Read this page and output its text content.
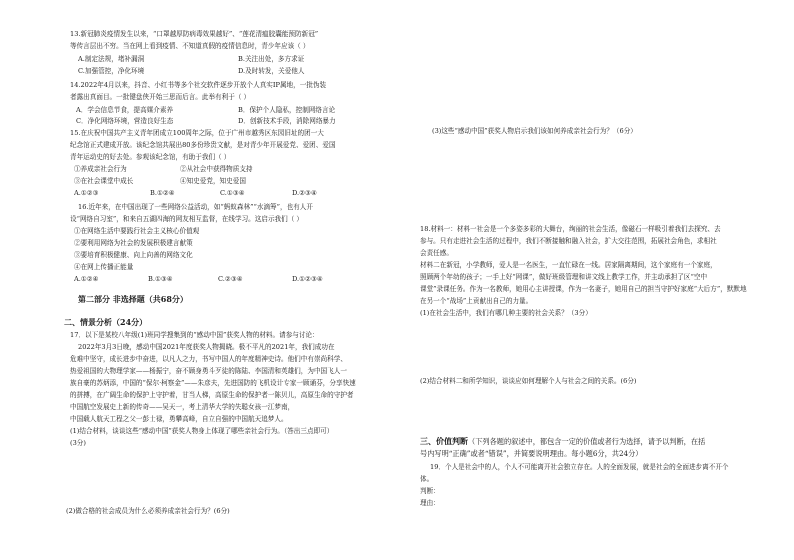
13.新冠肺炎疫情发生以来，“口罩越厚防病毒效果越好”、“莲花清瘟胶囊能预防新冠”
等传言层出不穷。当在网上看到疫情、不知道真假的疫情信息时，青少年应该（ ）
A.制定法规，堵补漏洞	B.关注出处，多方求证
C.加强管控，净化环境	D.及时转发，关爱他人
14.2022年4月以来，抖音、小红书等多个社交软件逐步开放个人真实IP属地，一批伪装
者露出真面目。一批键盘侠开始三思而后言。此举有利于（ ）
A．学会信息节食，提高媒介素养	B．保护个人隐私，控制网络言论
C．净化网络环境，营造良好生态	D．创新技术手段，消除网络暴力
15.在庆祝中国共产主义青年团成立100周年之际，位于广州市越秀区东园旧址的团一大
纪念馆正式建成开放。该纪念馆共展出80多份珍贵文献，是对青少年开展爱党、爱团、爱国
青年运动史的好去处。参观该纪念馆，有助于我们（ ）
①养成亲社会行为	②从社会中获得物质支持
③在社会课堂中成长	④知史爱党，知史爱国
A.①②③	B.①②④	C.①③④	D.②③④
16.近年来，在中国出现了一些网络公益活动，如“蚂蚁森林”“水滴筹”，也有人开
设“网络自习室”，和来自五湖四海的网友相互监督，在线学习。这启示我们（ ）
①在网络生活中要践行社会主义核心价值观
②要利用网络为社会的发展积极建言献策
③要培育积极健康、向上向善的网络文化
④在网上传播正能量
A.①②④	B.①③④	C.②③④	D.①②③④
第二部分 非选择题（共68分）
二、情景分析（24分）
17．以下是某校八年级(1)班同学搜集到的“感动中国”获奖人物的材料。请参与讨论：
2022年3月3日晚，感动中国2021年度获奖人物揭晓。极不平凡的2021年，我们成功在
危难中坚守，成长进步中奋进，以凡人之力，书写中国人的年度精神史诗。他们中有崇尚科学、
热爱祖国的大物理学家——杨振宁，奋不顾身勇斗歹徒的陈陆、李国清和英雄们，为中国飞人一
族自豪的苏炳添，中国的“保尔·柯察金”——朱彦夫，先进国防的飞机设计专家一顾诵芬，分享快速
的拼搏，在广阔生命的保护上守护着，甘当人梯，高原生命的保护者一陈贝儿，高原生命的守护者
中国航空发展史上新的传奇——吴天一，考上清华大学的失聪女孩一江梦南，
中国载人航天工程之父一彭士禄，勇攀高峰，自立自强的中国航天追梦人。
(1)结合材料，谈谈这些“感动中国”获奖人物身上体现了哪些亲社会行为。（答出三点即可）
(3分)
(2)做合格的社会成员为什么必须养成亲社会行为？(6分)
(3)这些“感动中国”获奖人物启示我们该如何养成亲社会行为？（6分）
18.材料一：材料一社会是一个多姿多彩的大舞台，绚丽的社会生活，像磁石一样吸引着我们去探究、去
参与。只有走进社会生活的过程中，我们不断接触和融入社会，扩大交往范围，拓展社会角色，求相社
会责任感。
材料二在新冠，小学教师，爱人是一名医生，一直忙碌在一线。居家隔离期间，这个家庭有一个家庭，
照顾两个年幼的孩子；一手上好“网课”，做好班级管理和讲文线上教学工作，并主动承担了区“空中
课堂”录课任务。作为一名教师，她用心主讲授课，作为一名妻子，她用自己的担当守护好家庭“大后方”，默默地
在另一个“战场”上贡献出自己的力量。
(1)在社会生活中，我们有哪几种主要的社会关系？（3分）
(2)结合材料二和所学知识，谈谈应如何理解个人与社会之间的关系。(6分)
三、价值判断（下列各题的叙述中，都包含一定的价值或者行为选择，请予以判断，在括
号内写明“正确”或者“错误”，并简要说明理由。每小题6分，共24分）
19．个人是社会中的人，个人不可能离开社会独立存在。人的全面发展，就是社会的全面进步离不开个
体。
判断：
理由：
